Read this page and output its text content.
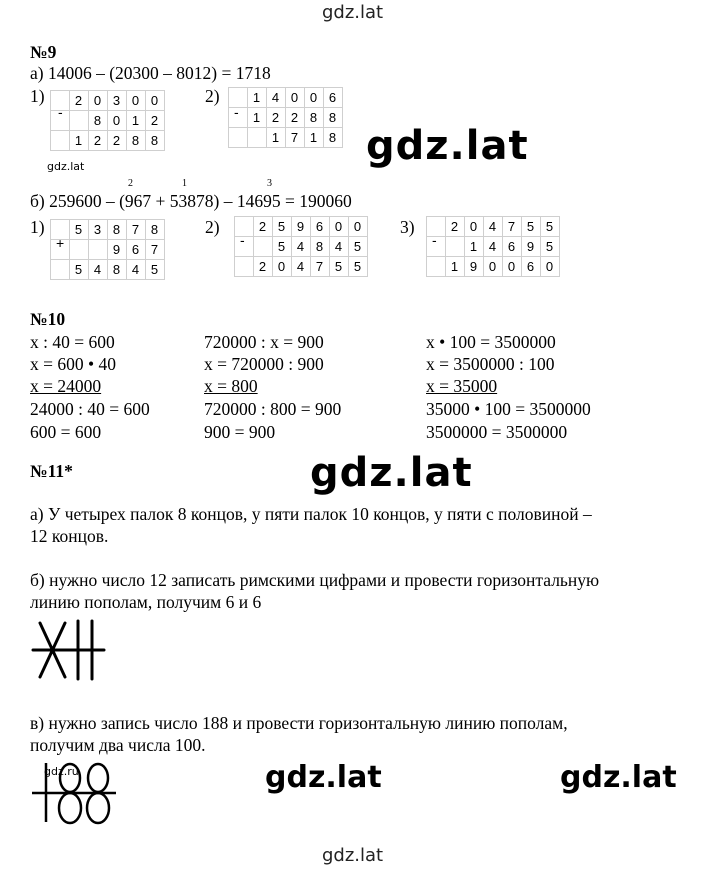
gdz.lat
gdz.lat
gdz.lat
gdz.lat
gdz.lat	gdz.lat
gdz.ru
gdz.lat
№9
а) 14006 – (20300 – 8012) = 1718
1)
-
	2	0	3	0	0
		8	0	1	2
	1	2	2	8	8
2)
-
	1	4	0	0	6
	1	2	2	8	8
		1	7	1	8
2	1	3
б) 259600 – (967 + 53878) – 14695 = 190060
1)
+
	5	3	8	7	8
			9	6	7
	5	4	8	4	5
2)
-
	2	5	9	6	0	0
		5	4	8	4	5
	2	0	4	7	5	5
3)
-
	2	0	4	7	5	5
		1	4	6	9	5
	1	9	0	0	6	0
№10
x : 40 = 600
x = 600 • 40
x = 24000
24000 : 40 = 600
600 = 600
720000 : x = 900
x = 720000 : 900
x = 800
720000 : 800 = 900
900 = 900
x • 100 = 3500000
x = 3500000 : 100
x = 35000
35000 • 100 = 3500000
3500000 = 3500000
№11*
а) У четырех палок 8 концов, у пяти палок 10 концов, у пяти с половиной –
12 концов.
б) нужно число 12 записать римскими цифрами и провести горизонтальную
линию пополам, получим 6 и 6
в) нужно запись число 188 и провести горизонтальную линию пополам,
получим два числа 100.
